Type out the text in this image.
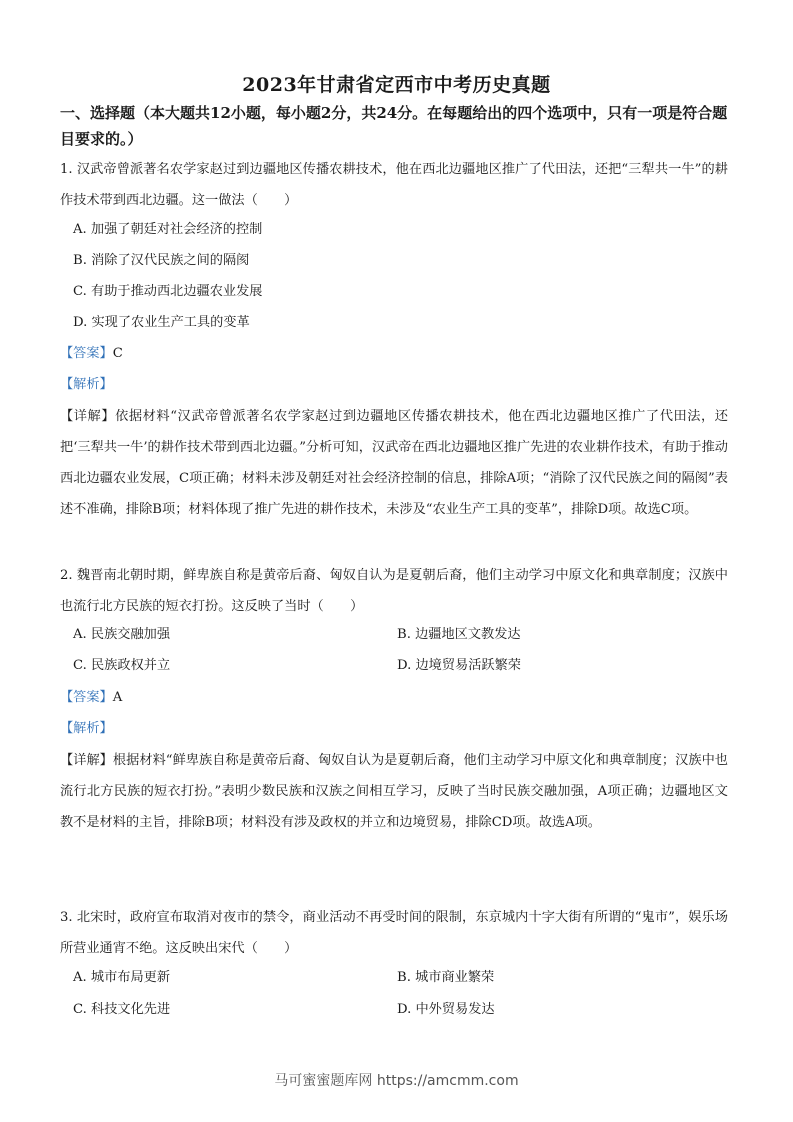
2023年甘肃省定西市中考历史真题
一、选择题（本大题共12小题，每小题2分，共24分。在每题给出的四个选项中，只有一项是符合题目要求的。）
1. 汉武帝曾派著名农学家赵过到边疆地区传播农耕技术，他在西北边疆地区推广了代田法，还把“三犁共一牛”的耕作技术带到西北边疆。这一做法（　　）
A. 加强了朝廷对社会经济的控制
B. 消除了汉代民族之间的隔阂
C. 有助于推动西北边疆农业发展
D. 实现了农业生产工具的变革
【答案】C
【解析】
【详解】依据材料“汉武帝曾派著名农学家赵过到边疆地区传播农耕技术，他在西北边疆地区推广了代田法，还把‘三犁共一牛’的耕作技术带到西北边疆。”分析可知，汉武帝在西北边疆地区推广先进的农业耕作技术，有助于推动西北边疆农业发展，C项正确；材料未涉及朝廷对社会经济控制的信息，排除A项；“消除了汉代民族之间的隔阂”表述不准确，排除B项；材料体现了推广先进的耕作技术，未涉及“农业生产工具的变革”，排除D项。故选C项。
2. 魏晋南北朝时期，鲜卑族自称是黄帝后裔、匈奴自认为是夏朝后裔，他们主动学习中原文化和典章制度；汉族中也流行北方民族的短衣打扮。这反映了当时（　　）
A. 民族交融加强	B. 边疆地区文教发达
C. 民族政权并立	D. 边境贸易活跃繁荣
【答案】A
【解析】
【详解】根据材料“鲜卑族自称是黄帝后裔、匈奴自认为是夏朝后裔，他们主动学习中原文化和典章制度；汉族中也流行北方民族的短衣打扮。”表明少数民族和汉族之间相互学习，反映了当时民族交融加强，A项正确；边疆地区文教不是材料的主旨，排除B项；材料没有涉及政权的并立和边境贸易，排除CD项。故选A项。
3. 北宋时，政府宣布取消对夜市的禁令，商业活动不再受时间的限制，东京城内十字大街有所谓的“鬼市”，娱乐场所营业通宵不绝。这反映出宋代（　　）
A. 城市布局更新	B. 城市商业繁荣
C. 科技文化先进	D. 中外贸易发达
马可蜜蜜题库网 https://amcmm.com
